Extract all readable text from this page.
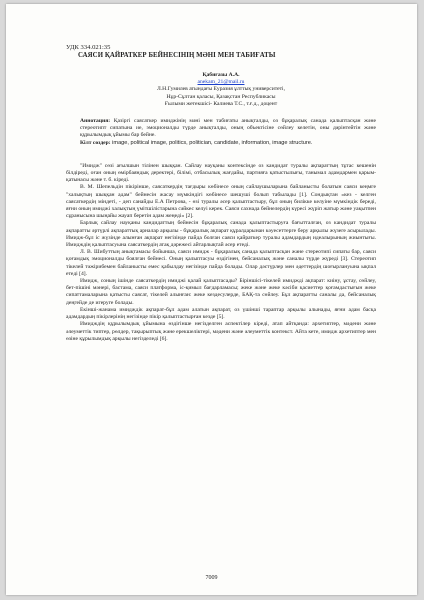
УДК 334.021:35
САЯСИ ҚАЙРАТКЕР БЕЙНЕСІНІҢ МӘНІ МЕН ТАБИҒАТЫ
Қабиғазы А.А.
anekam_21@mail.ru
Л.Н.Гумилев атындағы Еуразия ұлттық университеті,
Нұр-Сұлтан қаласы, Қазақстан Республикасы
Ғылыми жетекшісі- Калиева Т.С., т.ғ.д., доцент
Аннотация: Қазіргі саясаткер имиджінің мәні мен табиғаты анықталды, оз бұқаралық санада қалыптасқан және стереотипт сипатына ие, эмоционалды түрде анықталды, оның объектісіне сөйлеу келетін, оны дәрінтейтін және құрылымдық ұйымы бар бейне.
Кілт сөздер: image, political image, politics, politician, candidate, information, image structure.

"Имидж" сөзі ағылшын тілінен шыққан. Сайлау науқаны контексінде оз кандидат туралы ақпараттың тұтас кешенін білдіреді, оған оның өмірбаяндық деректері, білімі, отбасылық жағдайы, партияға қатыстылығы, танымал адамдармен қарым-қатынасы және т. б. кіреді.

В. М. Шепельдін пікірінше, саясаткердің тағдыры көбінесе оның сайлаушыларына байланысты болатын саяси кеңмге "халықтың шыққан адам" бейнесін жасау мүмкіндігі көбінесе шешуші болып табылады [1]. Сондықтан «кез - келген саясаткердің міндеті, - деп санайды Е.А Петрова, - өзі туралы әсер қалыптастыру, бұл оның билікке келуіне мүмкіндік береді, яғни оның имиджі халықтың үмітшілістарына сәйкес келуі керек. Саяси сахнада бейнелердің күресі жүріп жатыр және уақытпен сұранысына шыңайы жауап беретін адам жеңеді» [2].

Барлық сайлау науқаны кандидаттың бейнесін бұқаралық санада қалыптастыруға бағытталған, оз кандидат туралы ақпаратты әртүрлі ақпараттық арналар арқылы - бұқаралық ақпарат құралдарынан кәуесеттерге беру арқылы жүзеге асырылады. Имидж-бұл іс жүзінде алынған ақпарат негізінде пайда болған саяси қайраткер туралы адамдардың идеалырының жиынтығы. Имидждің қалыптасуына саясаткердің атақ дәрежесі айтарлықтай әсер етеді.

Л. В. Шибуттың анықтамасы бойынша, саяси имидж - бұқаралық санада қалыптасқан және стереотипі сипаты бар, саяси қоғамдық эмоционалды боялған бейнесі. Оның қалыптасуы өздігінен, бейсаналық және саналы түрде жүреді [3]. Стереотип тікелей тәжірибемен байланысты емес қабылдау негізінде пайда болады. Олар дәстүрлер мен әдеттердің шоғырлануына ықпал етеді [4].

Имидж, соның ішінде саясаткердің имиджі қалай қалыптасады? Біріншісі-тікелей имиджді ақпарат: киіну, ұстау, сөйлеу, бет-пішіні мәнері, бастама, саяси платформа, іс-қимыл бағдарламасы; жеке және жеке кәсіби қасиеттер қоғамдастығын жеке сипаттамаларына қатысты саясат, тікелей алынған: жеке кездесулерде, БАҚ-та сөйлеу. Бұл ақпаратты саналы да, бейсаналық деңгейде де игеруге болады.

Екінші-жанама имидждік ақпарат-бұл адам алатын ақпарат, оз үшінші тараптар арқылы алынады, яғни адам басқа адамдардың пікірлерінің негізінде пікір қалыптастырған кезде [5].

Имидждің құрылымдық ұйымына өздігінше негізделген аспектілер кіреді, атап айтқанда: архетиптер, мәдени және әлеуметтік типтер, рөлдер, тақырыптық және ерекшеліктері, мәдени және әлеуметтік контекст. Айта кете, имидж архетиптер мен өзіне құрылымдық арқылы негізделеді [6].

7009
